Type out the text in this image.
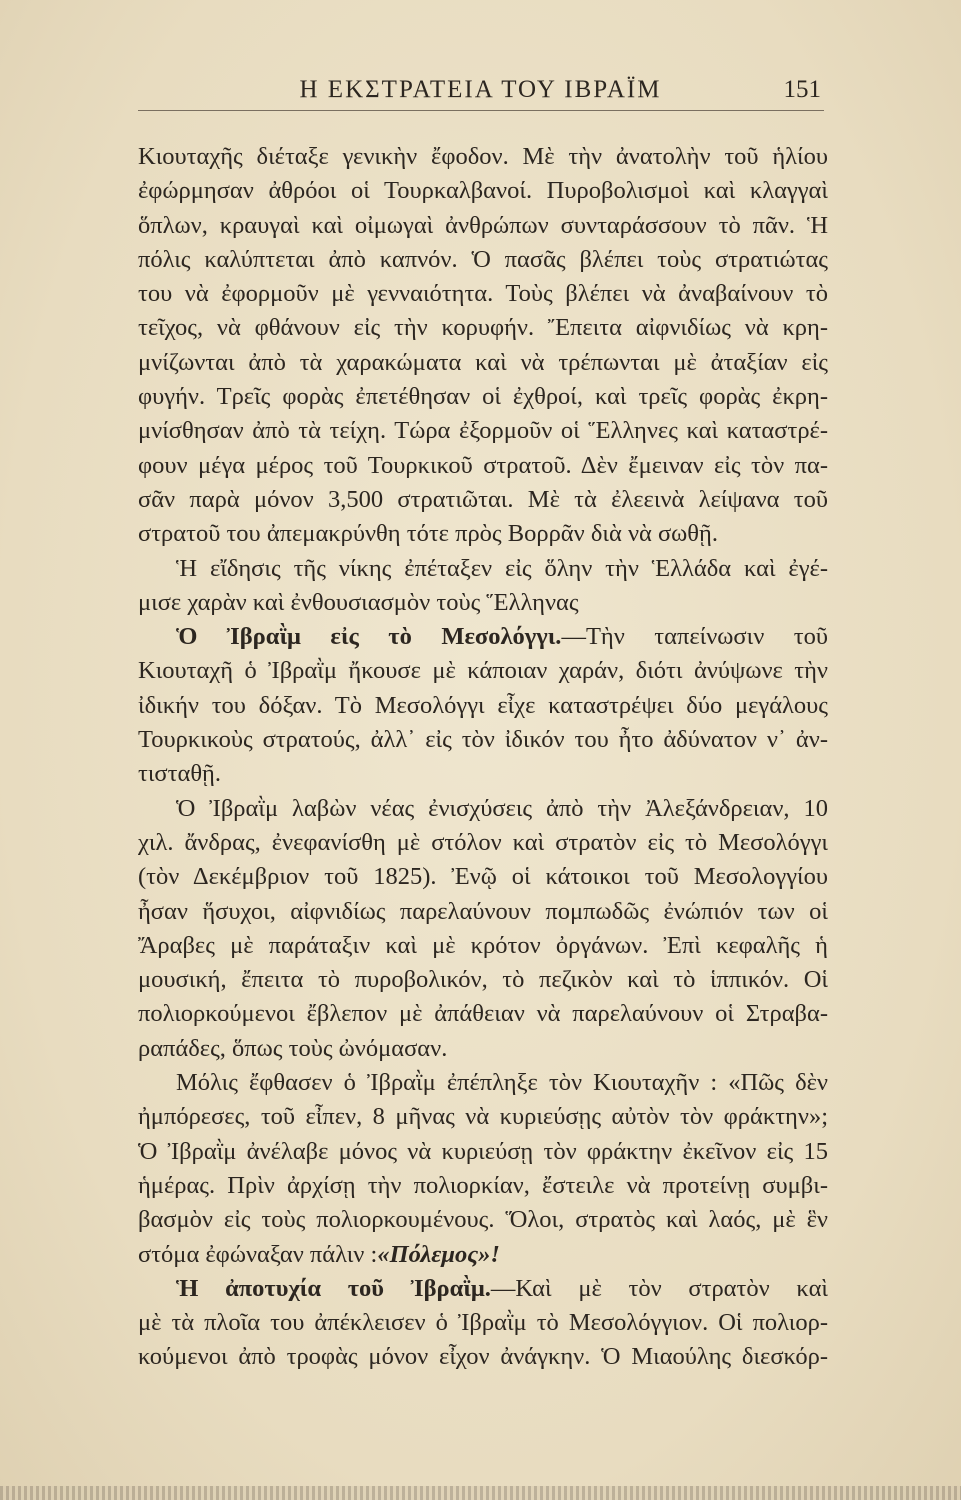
Η ΕΚΣΤΡΑΤΕΙΑ ΤΟΥ ΙΒΡΑΪΜ	151
Κιουταχῆς διέταξε γενικὴν ἔφοδον. Μὲ τὴν ἀνατολὴν τοῦ ἡλίου
ἐφώρμησαν ἀθρόοι οἱ Τουρκαλβανοί. Πυροβολισμοὶ καὶ κλαγγαὶ
ὅπλων, κραυγαὶ καὶ οἰμωγαὶ ἀνθρώπων συνταράσσουν τὸ πᾶν. Ἡ
πόλις καλύπτεται ἀπὸ καπνόν. Ὁ πασᾶς βλέπει τοὺς στρατιώτας
του νὰ ἐφορμοῦν μὲ γενναιότητα. Τοὺς βλέπει νὰ ἀναβαίνουν τὸ
τεῖχος, νὰ φθάνουν εἰς τὴν κορυφήν. Ἔπειτα αἰφνιδίως νὰ κρη-
μνίζωνται ἀπὸ τὰ χαρακώματα καὶ νὰ τρέπωνται μὲ ἀταξίαν εἰς
φυγήν. Τρεῖς φορὰς ἐπετέθησαν οἱ ἐχθροί, καὶ τρεῖς φορὰς ἐκρη-
μνίσθησαν ἀπὸ τὰ τείχη. Τώρα ἐξορμοῦν οἱ Ἕλληνες καὶ καταστρέ-
φουν μέγα μέρος τοῦ Τουρκικοῦ στρατοῦ. Δὲν ἔμειναν εἰς τὸν πα-
σᾶν παρὰ μόνον 3,500 στρατιῶται. Μὲ τὰ ἐλεεινὰ λείψανα τοῦ
στρατοῦ του ἀπεμακρύνθη τότε πρὸς Βορρᾶν διὰ νὰ σωθῇ.
Ἡ εἴδησις τῆς νίκης ἐπέταξεν εἰς ὅλην τὴν Ἑλλάδα καὶ ἐγέ-
μισε χαρὰν καὶ ἐνθουσιασμὸν τοὺς Ἕλληνας
Ὁ Ἰβραῒμ εἰς τὸ Μεσολόγγι.—Τὴν ταπείνωσιν τοῦ
Κιουταχῆ ὁ Ἰβραῒμ ἤκουσε μὲ κάποιαν χαράν, διότι ἀνύψωνε τὴν
ἰδικήν του δόξαν. Τὸ Μεσολόγγι εἶχε καταστρέψει δύο μεγάλους
Τουρκικοὺς στρατούς, ἀλλ᾽ εἰς τὸν ἰδικόν του ἦτο ἀδύνατον ν᾽ ἀν-
τισταθῇ.
Ὁ Ἰβραῒμ λαβὼν νέας ἐνισχύσεις ἀπὸ τὴν Ἀλεξάνδρειαν, 10
χιλ. ἄνδρας, ἐνεφανίσθη μὲ στόλον καὶ στρατὸν εἰς τὸ Μεσολόγγι
(τὸν Δεκέμβριον τοῦ 1825). Ἐνῷ οἱ κάτοικοι τοῦ Μεσολογγίου
ἦσαν ἥσυχοι, αἰφνιδίως παρελαύνουν πομπωδῶς ἐνώπιόν των οἱ
Ἄραβες μὲ παράταξιν καὶ μὲ κρότον ὀργάνων. Ἐπὶ κεφαλῆς ἡ
μουσική, ἔπειτα τὸ πυροβολικόν, τὸ πεζικὸν καὶ τὸ ἱππικόν. Οἱ
πολιορκούμενοι ἔβλεπον μὲ ἀπάθειαν νὰ παρελαύνουν οἱ Στραβα-
ραπάδες, ὅπως τοὺς ὠνόμασαν.
Μόλις ἔφθασεν ὁ Ἰβραῒμ ἐπέπληξε τὸν Κιουταχῆν : «Πῶς δὲν
ἠμπόρεσες, τοῦ εἶπεν, 8 μῆνας νὰ κυριεύσῃς αὐτὸν τὸν φράκτην»;
Ὁ Ἰβραῒμ ἀνέλαβε μόνος νὰ κυριεύσῃ τὸν φράκτην ἐκεῖνον εἰς 15
ἡμέρας. Πρὶν ἀρχίσῃ τὴν πολιορκίαν, ἔστειλε νὰ προτείνῃ συμβι-
βασμὸν εἰς τοὺς πολιορκουμένους. Ὅλοι, στρατὸς καὶ λαός, μὲ ἓν
στόμα ἐφώναξαν πάλιν :«Πόλεμος»!
Ἡ ἀποτυχία τοῦ Ἰβραῒμ.—Καὶ μὲ τὸν στρατὸν καὶ
μὲ τὰ πλοῖα του ἀπέκλεισεν ὁ Ἰβραῒμ τὸ Μεσολόγγιον. Οἱ πολιορ-
κούμενοι ἀπὸ τροφὰς μόνον εἶχον ἀνάγκην. Ὁ Μιαούλης διεσκόρ-
